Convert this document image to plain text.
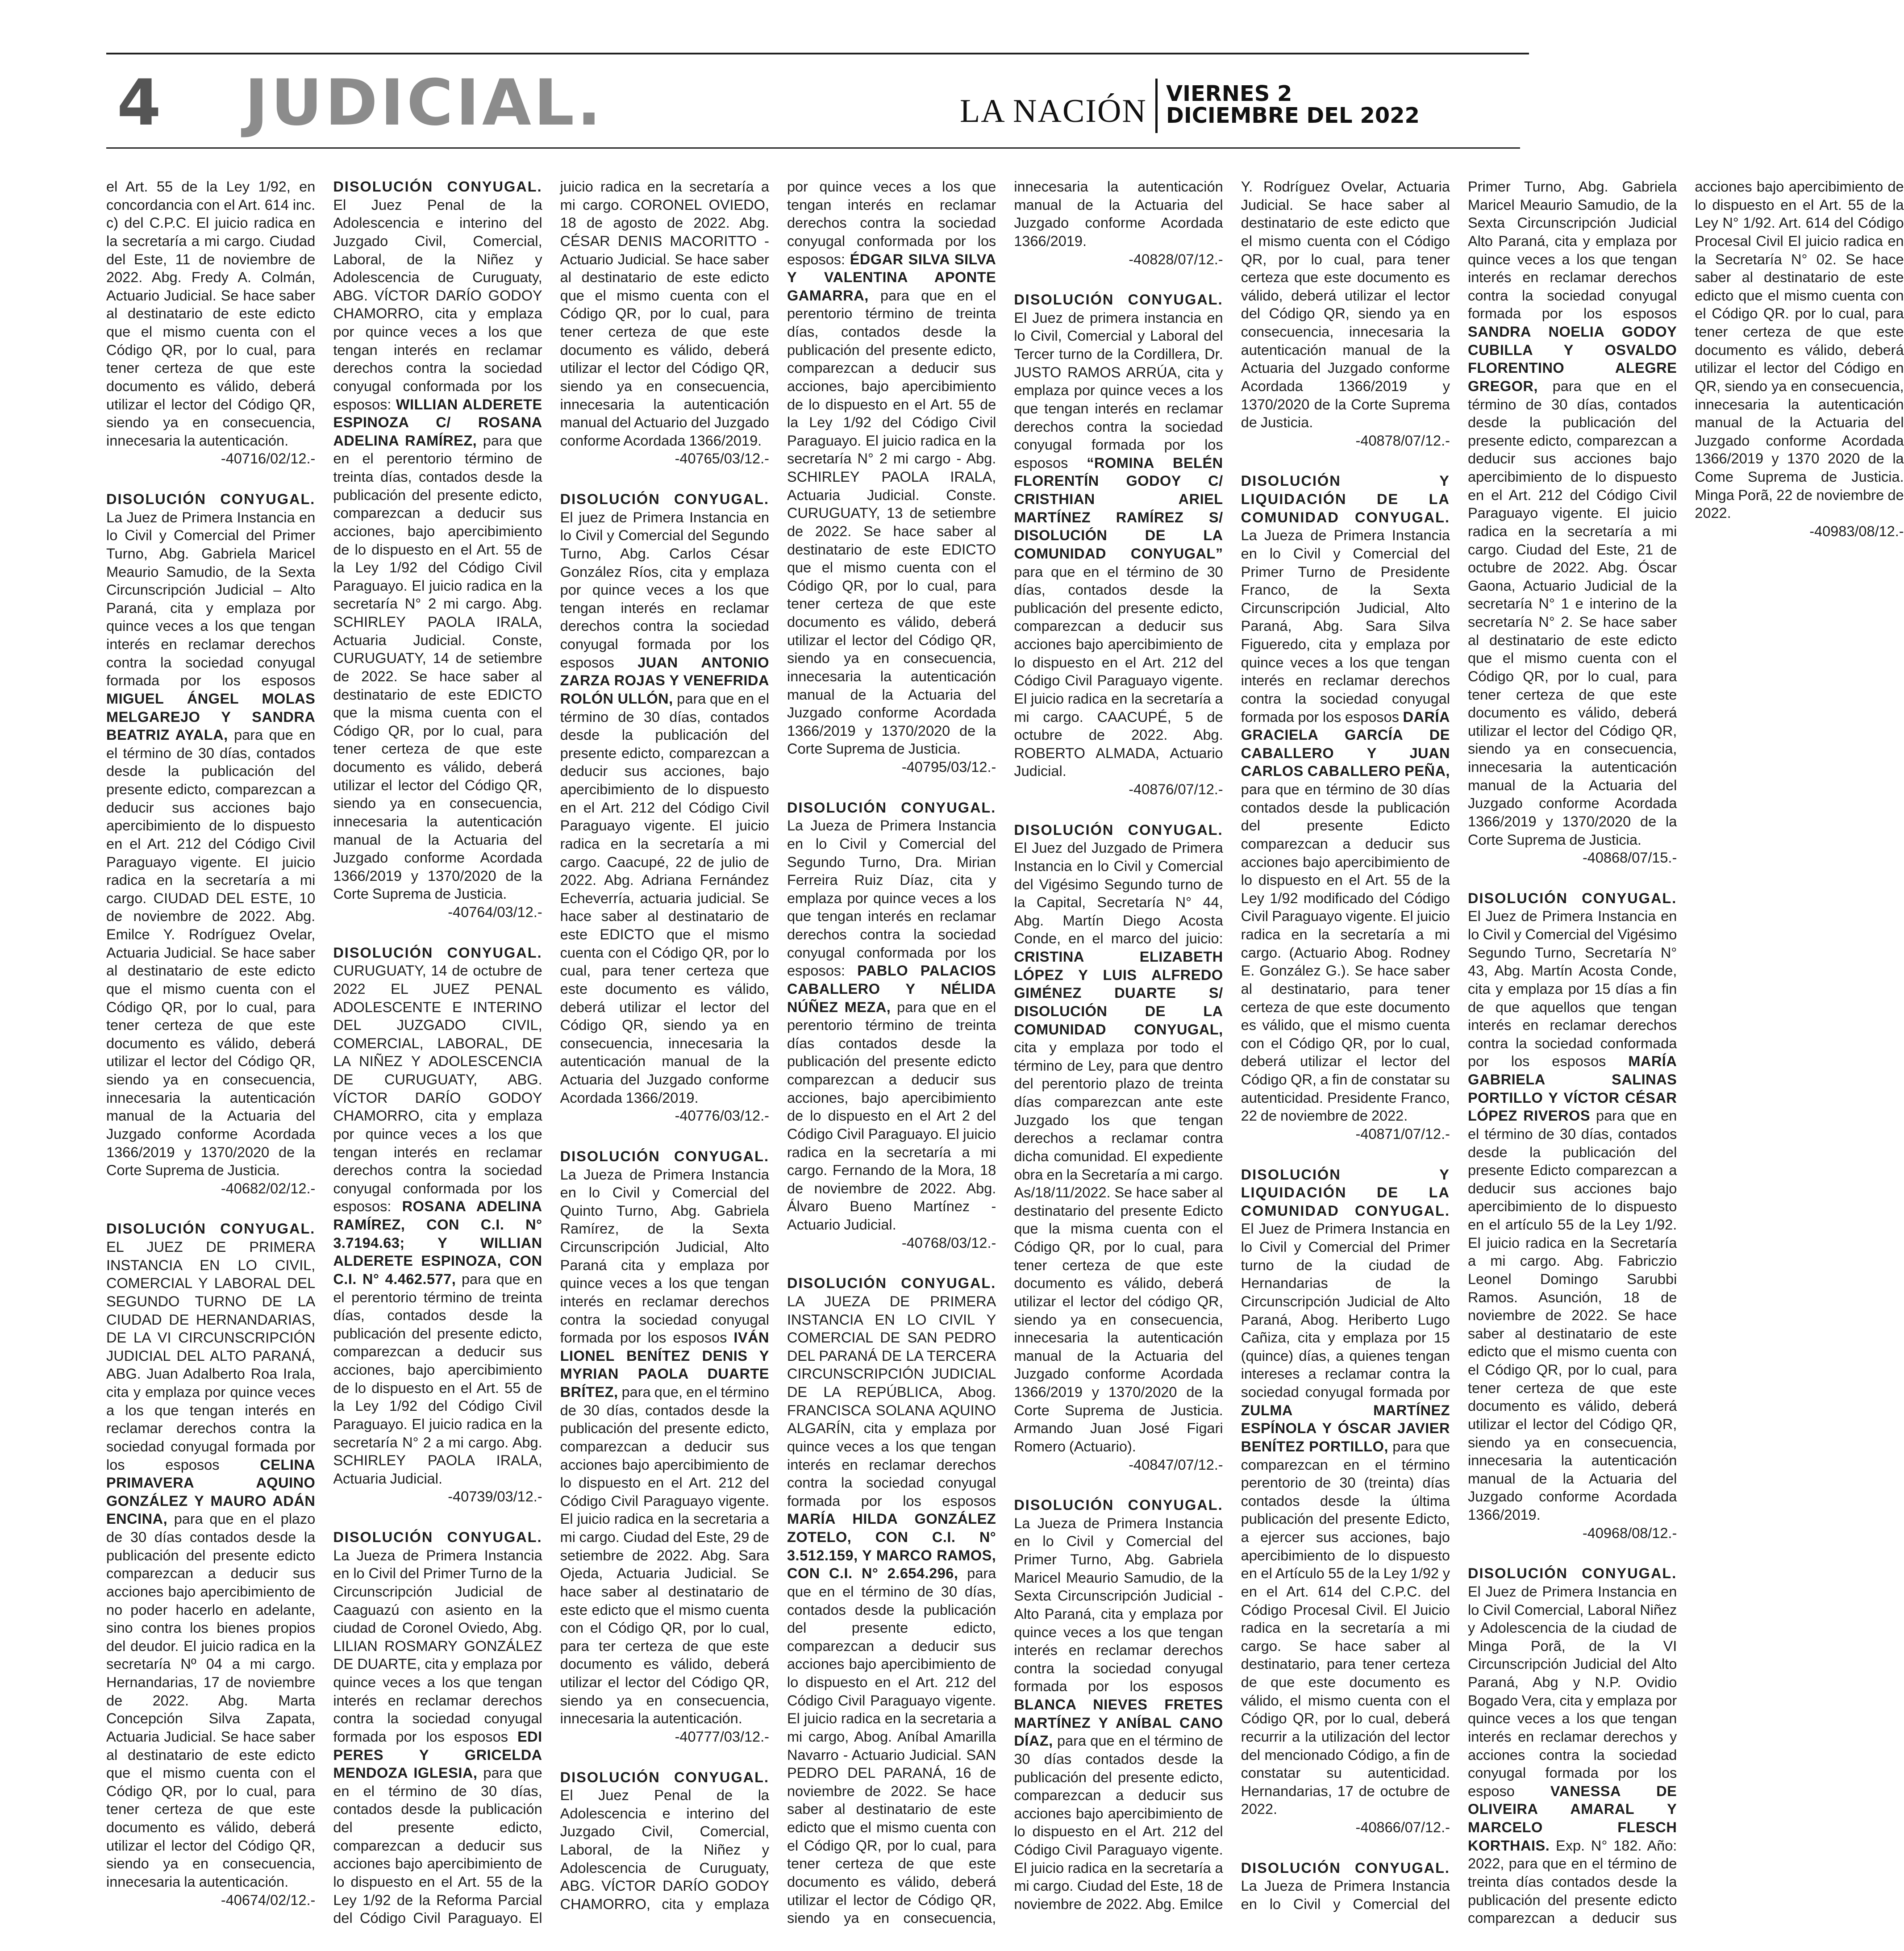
4 JUDICIAL.	LA NACIÓN VIERNES 2
DICIEMBRE DEL 2022

el Art. 55 de la Ley 1/92, en concordancia con el Art. 614 inc. c) del C.P.C. El juicio radica en la secretaría a mi cargo. Ciudad del Este, 11 de noviembre de 2022. Abg. Fredy A. Colmán, Actuario Judicial. Se hace saber al destinatario de este edicto que el mismo cuenta con el Código QR, por lo cual, para tener certeza de que este documento es válido, deberá utilizar el lector del Código QR, siendo ya en consecuencia, innecesaria la autenticación.
-40716/02/12.-

DISOLUCIÓN CONYUGAL. La Juez de Primera Instancia en lo Civil y Comercial del Primer Turno, Abg. Gabriela Maricel Meaurio Samudio, de la Sexta Circunscripción Judicial – Alto Paraná, cita y emplaza por quince veces a los que tengan interés en reclamar derechos contra la sociedad conyugal formada por los esposos MIGUEL ÁNGEL MOLAS MELGAREJO Y SANDRA BEATRIZ AYALA, para que en el término de 30 días, contados desde la publicación del presente edicto, comparezcan a deducir sus acciones bajo apercibimiento de lo dispuesto en el Art. 212 del Código Civil Paraguayo vigente. El juicio radica en la secretaría a mi cargo. CIUDAD DEL ESTE, 10 de noviembre de 2022. Abg. Emilce Y. Rodríguez Ovelar, Actuaria Judicial. Se hace saber al destinatario de este edicto que el mismo cuenta con el Código QR, por lo cual, para tener certeza de que este documento es válido, deberá utilizar el lector del Código QR, siendo ya en consecuencia, innecesaria la autenticación manual de la Actuaria del Juzgado conforme Acordada 1366/2019 y 1370/2020 de la Corte Suprema de Justicia.
-40682/02/12.-

DISOLUCIÓN CONYUGAL. EL JUEZ DE PRIMERA INSTANCIA EN LO CIVIL, COMERCIAL Y LABORAL DEL SEGUNDO TURNO DE LA CIUDAD DE HERNANDARIAS, DE LA VI CIRCUNSCRIPCIÓN JUDICIAL DEL ALTO PARANÁ, ABG. Juan Adalberto Roa Irala, cita y emplaza por quince veces a los que tengan interés en reclamar derechos contra la sociedad conyugal formada por los esposos	CELINA PRIMAVERA AQUINO GONZÁLEZ Y MAURO ADÁN ENCINA, para que en el plazo de 30 días contados desde la publicación del presente edicto comparezcan a deducir sus acciones bajo apercibimiento de no poder hacerlo en adelante, sino contra los bienes propios del deudor. El juicio radica en la secretaría Nº 04 a mi cargo. Hernandarias, 17 de noviembre de 2022. Abg. Marta Concepción Silva Zapata, Actuaria Judicial. Se hace saber al destinatario de este edicto que el mismo cuenta con el Código QR, por lo cual, para tener certeza de que este documento es válido, deberá utilizar el lector del Código QR, siendo ya en consecuencia, innecesaria la autenticación.
-40674/02/12.-

DISOLUCIÓN CONYUGAL. El Juez Penal de la Adolescencia e interino del Juzgado Civil, Comercial, Laboral, de la Niñez y Adolescencia de Curuguaty, ABG. VÍCTOR DARÍO GODOY CHAMORRO, cita y emplaza por quince veces a los que tengan interés en reclamar derechos contra la sociedad conyugal conformada por los esposos: WILLIAN ALDERETE ESPINOZA C/ ROSANA ADELINA RAMÍREZ, para que en el perentorio término de treinta días, contados desde la publicación del presente edicto, comparezcan a deducir sus acciones, bajo apercibimiento de lo dispuesto en el Art. 55 de la Ley 1/92 del Código Civil Paraguayo. El juicio radica en la secretaría N° 2 mi cargo. Abg. SCHIRLEY PAOLA IRALA, Actuaria Judicial. Conste, CURUGUATY, 14 de setiembre de 2022. Se hace saber al destinatario de este EDICTO que la misma cuenta con el Código QR, por lo cual, para tener certeza de que este documento es válido, deberá utilizar el lector del Código QR, siendo ya en consecuencia, innecesaria la autenticación manual de la Actuaria del Juzgado conforme Acordada 1366/2019 y 1370/2020 de la Corte Suprema de Justicia.
-40764/03/12.-

DISOLUCIÓN CONYUGAL. CURUGUATY, 14 de octubre de 2022 EL JUEZ PENAL ADOLESCENTE E INTERINO DEL JUZGADO CIVIL, COMERCIAL, LABORAL, DE LA NIÑEZ Y ADOLESCENCIA DE CURUGUATY, ABG. VÍCTOR DARÍO GODOY CHAMORRO, cita y emplaza por quince veces a los que tengan interés en reclamar derechos contra la sociedad conyugal conformada por los esposos: ROSANA ADELINA RAMÍREZ, CON C.I. N° 3.7194.63; Y WILLIAN ALDERETE ESPINOZA, CON C.I. N° 4.462.577, para que en el perentorio término de treinta días, contados desde la publicación del presente edicto, comparezcan a deducir sus acciones, bajo apercibimiento de lo dispuesto en el Art. 55 de la Ley 1/92 del Código Civil Paraguayo. El juicio radica en la secretaría N° 2 a mi cargo. Abg. SCHIRLEY PAOLA IRALA, Actuaria Judicial.
-40739/03/12.-

DISOLUCIÓN CONYUGAL. La Jueza de Primera Instancia en lo Civil del Primer Turno de la Circunscripción Judicial de Caaguazú con asiento en la ciudad de Coronel Oviedo, Abg. LILIAN ROSMARY GONZÁLEZ DE DUARTE, cita y emplaza por quince veces a los que tengan interés en reclamar derechos contra la sociedad conyugal formada por los esposos EDI PERES Y GRICELDA MENDOZA IGLESIA, para que en el término de 30 días, contados desde la publicación del presente edicto, comparezcan a deducir sus acciones bajo apercibimiento de lo dispuesto en el Art. 55 de la Ley 1/92 de la Reforma Parcial del Código Civil Paraguayo. El juicio radica en la secretaría a mi cargo. CORONEL OVIEDO, 18 de agosto de 2022. Abg. CÉSAR DENIS MACORITTO - Actuario Judicial. Se hace saber al destinatario de este edicto que el mismo cuenta con el Código QR, por lo cual, para tener certeza de que este documento es válido, deberá utilizar el lector del Código QR, siendo ya en consecuencia, innecesaria la autenticación manual del Actuario del Juzgado conforme Acordada 1366/2019.
-40765/03/12.-

DISOLUCIÓN CONYUGAL. El juez de Primera Instancia en lo Civil y Comercial del Segundo Turno, Abg. Carlos César González Ríos, cita y emplaza por quince veces a los que tengan interés en reclamar derechos contra la sociedad conyugal formada por los esposos JUAN ANTONIO ZARZA ROJAS Y VENEFRIDA ROLÓN ULLÓN, para que en el término de 30 días, contados desde la publicación del presente edicto, comparezcan a deducir sus acciones, bajo apercibimiento de lo dispuesto en el Art. 212 del Código Civil Paraguayo vigente. El juicio radica en la secretaría a mi cargo. Caacupé, 22 de julio de 2022. Abg. Adriana Fernández Echeverría, actuaria judicial. Se hace saber al destinatario de este EDICTO que el mismo cuenta con el Código QR, por lo cual, para tener certeza que este documento es válido, deberá utilizar el lector del Código QR, siendo ya en consecuencia, innecesaria la autenticación manual de la Actuaria del Juzgado conforme Acordada 1366/2019.
-40776/03/12.-

DISOLUCIÓN CONYUGAL. La Jueza de Primera Instancia en lo Civil y Comercial del Quinto Turno, Abg. Gabriela Ramírez, de la Sexta Circunscripción Judicial, Alto Paraná cita y emplaza por quince veces a los que tengan interés en reclamar derechos contra la sociedad conyugal formada por los esposos IVÁN LIONEL BENÍTEZ DENIS Y MYRIAN PAOLA DUARTE BRÍTEZ, para que, en el término de 30 días, contados desde la publicación del presente edicto, comparezcan a deducir sus acciones bajo apercibimiento de lo dispuesto en el Art. 212 del Código Civil Paraguayo vigente. El juicio radica en la secretaria a mi cargo. Ciudad del Este, 29 de setiembre de 2022. Abg. Sara Ojeda, Actuaria Judicial. Se hace saber al destinatario de este edicto que el mismo cuenta con el Código QR, por lo cual, para ter certeza de que este documento es válido, deberá utilizar el lector del Código QR, siendo ya en consecuencia, innecesaria la autenticación.
-40777/03/12.-

DISOLUCIÓN CONYUGAL. El Juez Penal de la Adolescencia e interino del Juzgado Civil, Comercial, Laboral, de la Niñez y Adolescencia de Curuguaty, ABG. VÍCTOR DARÍO GODOY CHAMORRO, cita y emplaza por quince veces a los que tengan interés en reclamar derechos contra la sociedad conyugal conformada por los esposos: ÉDGAR SILVA SILVA Y VALENTINA APONTE GAMARRA, para que en el perentorio término de treinta días, contados desde la publicación del presente edicto, comparezcan a deducir sus acciones, bajo apercibimiento de lo dispuesto en el Art. 55 de la Ley 1/92 del Código Civil Paraguayo. El juicio radica en la secretaría N° 2 mi cargo - Abg. SCHIRLEY PAOLA IRALA, Actuaria Judicial. Conste. CURUGUATY, 13 de setiembre de 2022. Se hace saber al destinatario de este EDICTO que el mismo cuenta con el Código QR, por lo cual, para tener certeza de que este documento es válido, deberá utilizar el lector del Código QR, siendo ya en consecuencia, innecesaria la autenticación manual de la Actuaria del Juzgado conforme Acordada 1366/2019 y 1370/2020 de la Corte Suprema de Justicia.
-40795/03/12.-

DISOLUCIÓN CONYUGAL. La Jueza de Primera Instancia en lo Civil y Comercial del Segundo Turno, Dra. Mirian Ferreira Ruiz Díaz, cita y emplaza por quince veces a los que tengan interés en reclamar derechos contra la sociedad conyugal conformada por los esposos: PABLO PALACIOS CABALLERO Y NÉLIDA NÚÑEZ MEZA, para que en el perentorio término de treinta días contados desde la publicación del presente edicto comparezcan a deducir sus acciones, bajo apercibimiento de lo dispuesto en el Art 2 del Código Civil Paraguayo. El juicio radica en la secretaría a mi cargo. Fernando de la Mora, 18 de noviembre de 2022. Abg. Álvaro Bueno Martínez - Actuario Judicial.
-40768/03/12.-

DISOLUCIÓN CONYUGAL. LA JUEZA DE PRIMERA INSTANCIA EN LO CIVIL Y COMERCIAL DE SAN PEDRO DEL PARANÁ DE LA TERCERA CIRCUNSCRIPCIÓN JUDICIAL DE LA REPÚBLICA, Abog. FRANCISCA SOLANA AQUINO ALGARÍN, cita y emplaza por quince veces a los que tengan interés en reclamar derechos contra la sociedad conyugal formada por los esposos MARÍA HILDA GONZÁLEZ ZOTELO, CON C.I. N° 3.512.159, Y MARCO RAMOS, CON C.I. N° 2.654.296, para que en el término de 30 días, contados desde la publicación del presente edicto, comparezcan a deducir sus acciones bajo apercibimiento de lo dispuesto en el Art. 212 del Código Civil Paraguayo vigente. El juicio radica en la secretaria a mi cargo, Abog. Aníbal Amarilla Navarro - Actuario Judicial. SAN PEDRO DEL PARANÁ, 16 de noviembre de 2022. Se hace saber al destinatario de este edicto que el mismo cuenta con el Código QR, por lo cual, para tener certeza de que este documento es válido, deberá utilizar el lector de Código QR, siendo ya en consecuencia, innecesaria la autenticación manual de la Actuaria del Juzgado conforme Acordada 1366/2019.
-40828/07/12.-

DISOLUCIÓN CONYUGAL. El Juez de primera instancia en lo Civil, Comercial y Laboral del Tercer turno de la Cordillera, Dr. JUSTO RAMOS ARRÚA, cita y emplaza por quince veces a los que tengan interés en reclamar derechos contra la sociedad conyugal formada por los esposos “ROMINA BELÉN FLORENTÍN GODOY C/ CRISTHIAN ARIEL MARTÍNEZ RAMÍREZ S/ DISOLUCIÓN DE LA COMUNIDAD CONYUGAL” para que en el término de 30 días, contados desde la publicación del presente edicto, comparezcan a deducir sus acciones bajo apercibimiento de lo dispuesto en el Art. 212 del Código Civil Paraguayo vigente. El juicio radica en la secretaría a mi cargo. CAACUPÉ, 5 de octubre de 2022. Abg. ROBERTO ALMADA, Actuario Judicial.
-40876/07/12.-

DISOLUCIÓN CONYUGAL. El Juez del Juzgado de Primera Instancia en lo Civil y Comercial del Vigésimo Segundo turno de la Capital, Secretaría N° 44, Abg. Martín Diego Acosta Conde, en el marco del juicio: CRISTINA ELIZABETH LÓPEZ Y LUIS ALFREDO GIMÉNEZ DUARTE S/ DISOLUCIÓN DE LA COMUNIDAD CONYUGAL, cita y emplaza por todo el término de Ley, para que dentro del perentorio plazo de treinta días comparezcan ante este Juzgado los que tengan derechos a reclamar contra dicha comunidad. El expediente obra en la Secretaría a mi cargo. As/18/11/2022. Se hace saber al destinatario del presente Edicto que la misma cuenta con el Código QR, por lo cual, para tener certeza de que este documento es válido, deberá utilizar el lector del código QR, siendo ya en consecuencia, innecesaria la autenticación manual de la Actuaria del Juzgado conforme Acordada 1366/2019 y 1370/2020 de la Corte Suprema de Justicia. Armando Juan José Figari Romero (Actuario).
-40847/07/12.-

DISOLUCIÓN CONYUGAL. La Jueza de Primera Instancia en lo Civil y Comercial del Primer Turno, Abg. Gabriela Maricel Meaurio Samudio, de la Sexta Circunscripción Judicial - Alto Paraná, cita y emplaza por quince veces a los que tengan interés en reclamar derechos contra la sociedad conyugal formada por los esposos BLANCA NIEVES FRETES MARTÍNEZ Y ANÍBAL CANO DÍAZ, para que en el término de 30 días contados desde la publicación del presente edicto, comparezcan a deducir sus acciones bajo apercibimiento de lo dispuesto en el Art. 212 del Código Civil Paraguayo vigente. El juicio radica en la secretaría a mi cargo. Ciudad del Este, 18 de noviembre de 2022. Abg. Emilce Y. Rodríguez Ovelar, Actuaria Judicial. Se hace saber al destinatario de este edicto que el mismo cuenta con el Código QR, por lo cual, para tener certeza que este documento es válido, deberá utilizar el lector del Código QR, siendo ya en consecuencia, innecesaria la autenticación manual de la Actuaria del Juzgado conforme Acordada 1366/2019 y 1370/2020 de la Corte Suprema de Justicia.
-40878/07/12.-

DISOLUCIÓN Y LIQUIDACIÓN DE LA COMUNIDAD CONYUGAL. La Jueza de Primera Instancia en lo Civil y Comercial del Primer Turno de Presidente Franco, de la Sexta Circunscripción Judicial, Alto Paraná, Abg. Sara Silva Figueredo, cita y emplaza por quince veces a los que tengan interés en reclamar derechos contra la sociedad conyugal formada por los esposos DARÍA GRACIELA GARCÍA DE CABALLERO Y JUAN CARLOS CABALLERO PEÑA, para que en término de 30 días contados desde la publicación del presente Edicto comparezcan a deducir sus acciones bajo apercibimiento de lo dispuesto en el Art. 55 de la Ley 1/92 modificado del Código Civil Paraguayo vigente. El juicio radica en la secretaría a mi cargo. (Actuario Abog. Rodney E. González G.). Se hace saber al destinatario, para tener certeza de que este documento es válido, que el mismo cuenta con el Código QR, por lo cual, deberá utilizar el lector del Código QR, a fin de constatar su autenticidad. Presidente Franco, 22 de noviembre de 2022.
-40871/07/12.-

DISOLUCIÓN Y LIQUIDACIÓN DE LA COMUNIDAD CONYUGAL. El Juez de Primera Instancia en lo Civil y Comercial del Primer turno de la ciudad de Hernandarias de la Circunscripción Judicial de Alto Paraná, Abog. Heriberto Lugo Cañiza, cita y emplaza por 15 (quince) días, a quienes tengan intereses a reclamar contra la sociedad conyugal formada por ZULMA MARTÍNEZ ESPÍNOLA Y ÓSCAR JAVIER BENÍTEZ PORTILLO, para que comparezcan en el término perentorio de 30 (treinta) días contados desde la última publicación del presente Edicto, a ejercer sus acciones, bajo apercibimiento de lo dispuesto en el Artículo 55 de la Ley 1/92 y en el Art. 614 del C.P.C. del Código Procesal Civil. El Juicio radica en la secretaría a mi cargo. Se hace saber al destinatario, para tener certeza de que este documento es válido, el mismo cuenta con el Código QR, por lo cual, deberá recurrir a la utilización del lector del mencionado Código, a fin de constatar su autenticidad. Hernandarias, 17 de octubre de 2022.
-40866/07/12.-

DISOLUCIÓN CONYUGAL. La Jueza de Primera Instancia en lo Civil y Comercial del Primer Turno, Abg. Gabriela Maricel Meaurio Samudio, de la Sexta Circunscripción Judicial Alto Paraná, cita y emplaza por quince veces a los que tengan interés en reclamar derechos contra la sociedad conyugal formada por los esposos SANDRA NOELIA GODOY CUBILLA Y OSVALDO FLORENTINO ALEGRE GREGOR, para que en el término de 30 días, contados desde la publicación del presente edicto, comparezcan a deducir sus acciones bajo apercibimiento de lo dispuesto en el Art. 212 del Código Civil Paraguayo vigente. El juicio radica en la secretaría a mi cargo. Ciudad del Este, 21 de octubre de 2022. Abg. Óscar Gaona, Actuario Judicial de la secretaría N° 1 e interino de la secretaría N° 2. Se hace saber al destinatario de este edicto que el mismo cuenta con el Código QR, por lo cual, para tener certeza de que este documento es válido, deberá utilizar el lector del Código QR, siendo ya en consecuencia, innecesaria la autenticación manual de la Actuaria del Juzgado conforme Acordada 1366/2019 y 1370/2020 de la Corte Suprema de Justicia.
-40868/07/15.-

DISOLUCIÓN CONYUGAL. El Juez de Primera Instancia en lo Civil y Comercial del Vigésimo Segundo Turno, Secretaría N° 43, Abg. Martín Acosta Conde, cita y emplaza por 15 días a fin de que aquellos que tengan interés en reclamar derechos contra la sociedad conformada por los esposos MARÍA GABRIELA SALINAS PORTILLO Y VÍCTOR CÉSAR LÓPEZ RIVEROS para que en el término de 30 días, contados desde la publicación del presente Edicto comparezcan a deducir sus acciones bajo apercibimiento de lo dispuesto en el artículo 55 de la Ley 1/92. El juicio radica en la Secretaría a mi cargo. Abg. Fabriczio Leonel Domingo Sarubbi Ramos. Asunción, 18 de noviembre de 2022. Se hace saber al destinatario de este edicto que el mismo cuenta con el Código QR, por lo cual, para tener certeza de que este documento es válido, deberá utilizar el lector del Código QR, siendo ya en consecuencia, innecesaria la autenticación manual de la Actuaria del Juzgado conforme Acordada 1366/2019.
-40968/08/12.-

DISOLUCIÓN CONYUGAL. El Juez de Primera Instancia en lo Civil Comercial, Laboral Niñez y Adolescencia de la ciudad de Minga Porã, de la VI Circunscripción Judicial del Alto Paraná, Abg y N.P. Ovidio Bogado Vera, cita y emplaza por quince veces a los que tengan interés en reclamar derechos y acciones contra la sociedad conyugal formada por los esposo VANESSA DE OLIVEIRA AMARAL Y MARCELO FLESCH KORTHAIS. Exp. N° 182. Año: 2022, para que en el término de treinta días contados desde la publicación del presente edicto comparezcan a deducir sus acciones bajo apercibimiento de lo dispuesto en el Art. 55 de la Ley N° 1/92. Art. 614 del Código Procesal Civil El juicio radica en la Secretaría N° 02. Se hace saber al destinatario de este edicto que el mismo cuenta con el Código QR. por lo cual, para tener certeza de que este documento es válido, deberá utilizar el lector del Código en QR, siendo ya en consecuencia, innecesaria la autenticación manual de la Actuaria del Juzgado conforme Acordada 1366/2019 y 1370 2020 de la Come Suprema de Justicia. Minga Porã, 22 de noviembre de 2022.
-40983/08/12.-
